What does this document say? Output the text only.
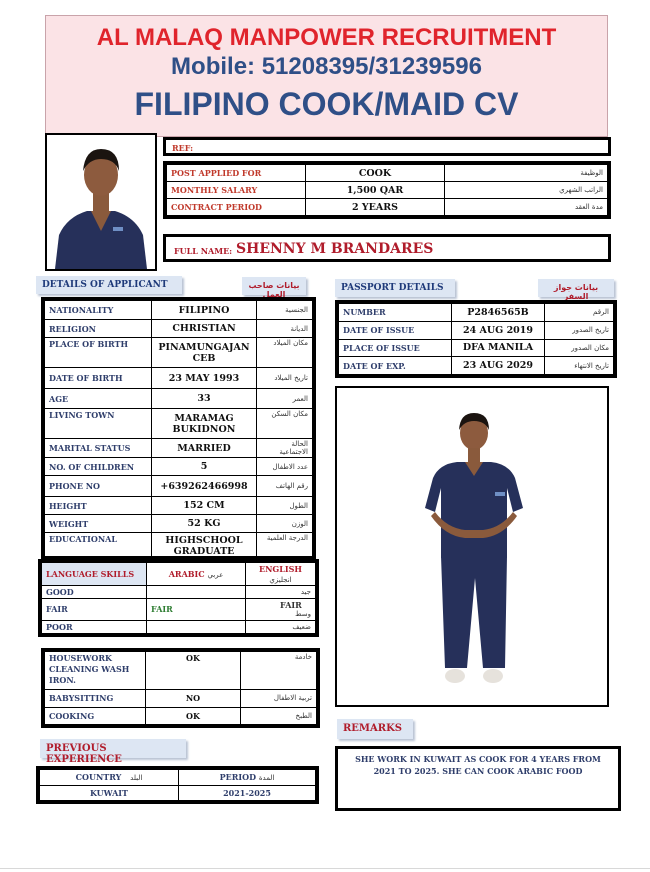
AL MALAQ MANPOWER RECRUITMENT
Mobile: 51208395/31239596
FILIPINO COOK/MAID CV
REF:
POST APPLIED FOR	COOK	الوظيفة
MONTHLY SALARY	1,500 QAR	الراتب الشهري
CONTRACT PERIOD	2 YEARS	مدة العقد
FULL NAME: SHENNY M BRANDARES
DETAILS OF APPLICANT	بيانات صاحب العمل
NATIONALITY	FILIPINO	الجنسية
RELIGION	CHRISTIAN	الديانة
PLACE OF BIRTH	PINAMUNGAJAN CEB	مكان الميلاد
DATE OF BIRTH	23 MAY 1993	تاريخ الميلاد
AGE	33	العمر
LIVING TOWN	MARAMAG BUKIDNON	مكان السكن
MARITAL STATUS	MARRIED	الحالة الاجتماعية
NO. OF CHILDREN	5	عدد الاطفال
PHONE NO	+639262466998	رقم الهاتف
HEIGHT	152 CM	الطول
WEIGHT	52 KG	الوزن
EDUCATIONAL	HIGHSCHOOL GRADUATE	الدرجة العلمية
LANGUAGE SKILLS	ARABIC عربي	ENGLISH انجليزي
GOOD		جيد

FAIR	FAIR	FAIR
وسط

POOR		ضعيف
HOUSEWORK CLEANING WASH IRON.	OK	خادمة
BABYSITTING	NO	تربية الاطفال
COOKING	OK	الطبخ
PREVIOUS EXPERIENCE
COUNTRY البلد	PERIOD المدة
KUWAIT	2021-2025
PASSPORT DETAILS	بيانات جواز السفر
NUMBER	P2846565B	الرقم
DATE OF ISSUE	24 AUG 2019	تاريخ الصدور
PLACE OF ISSUE	DFA MANILA	مكان الصدور
DATE OF EXP.	23 AUG 2029	تاريخ الانتهاء
REMARKS
SHE WORK IN KUWAIT AS COOK FOR 4 YEARS FROM 2021 TO 2025. SHE CAN COOK ARABIC FOOD
